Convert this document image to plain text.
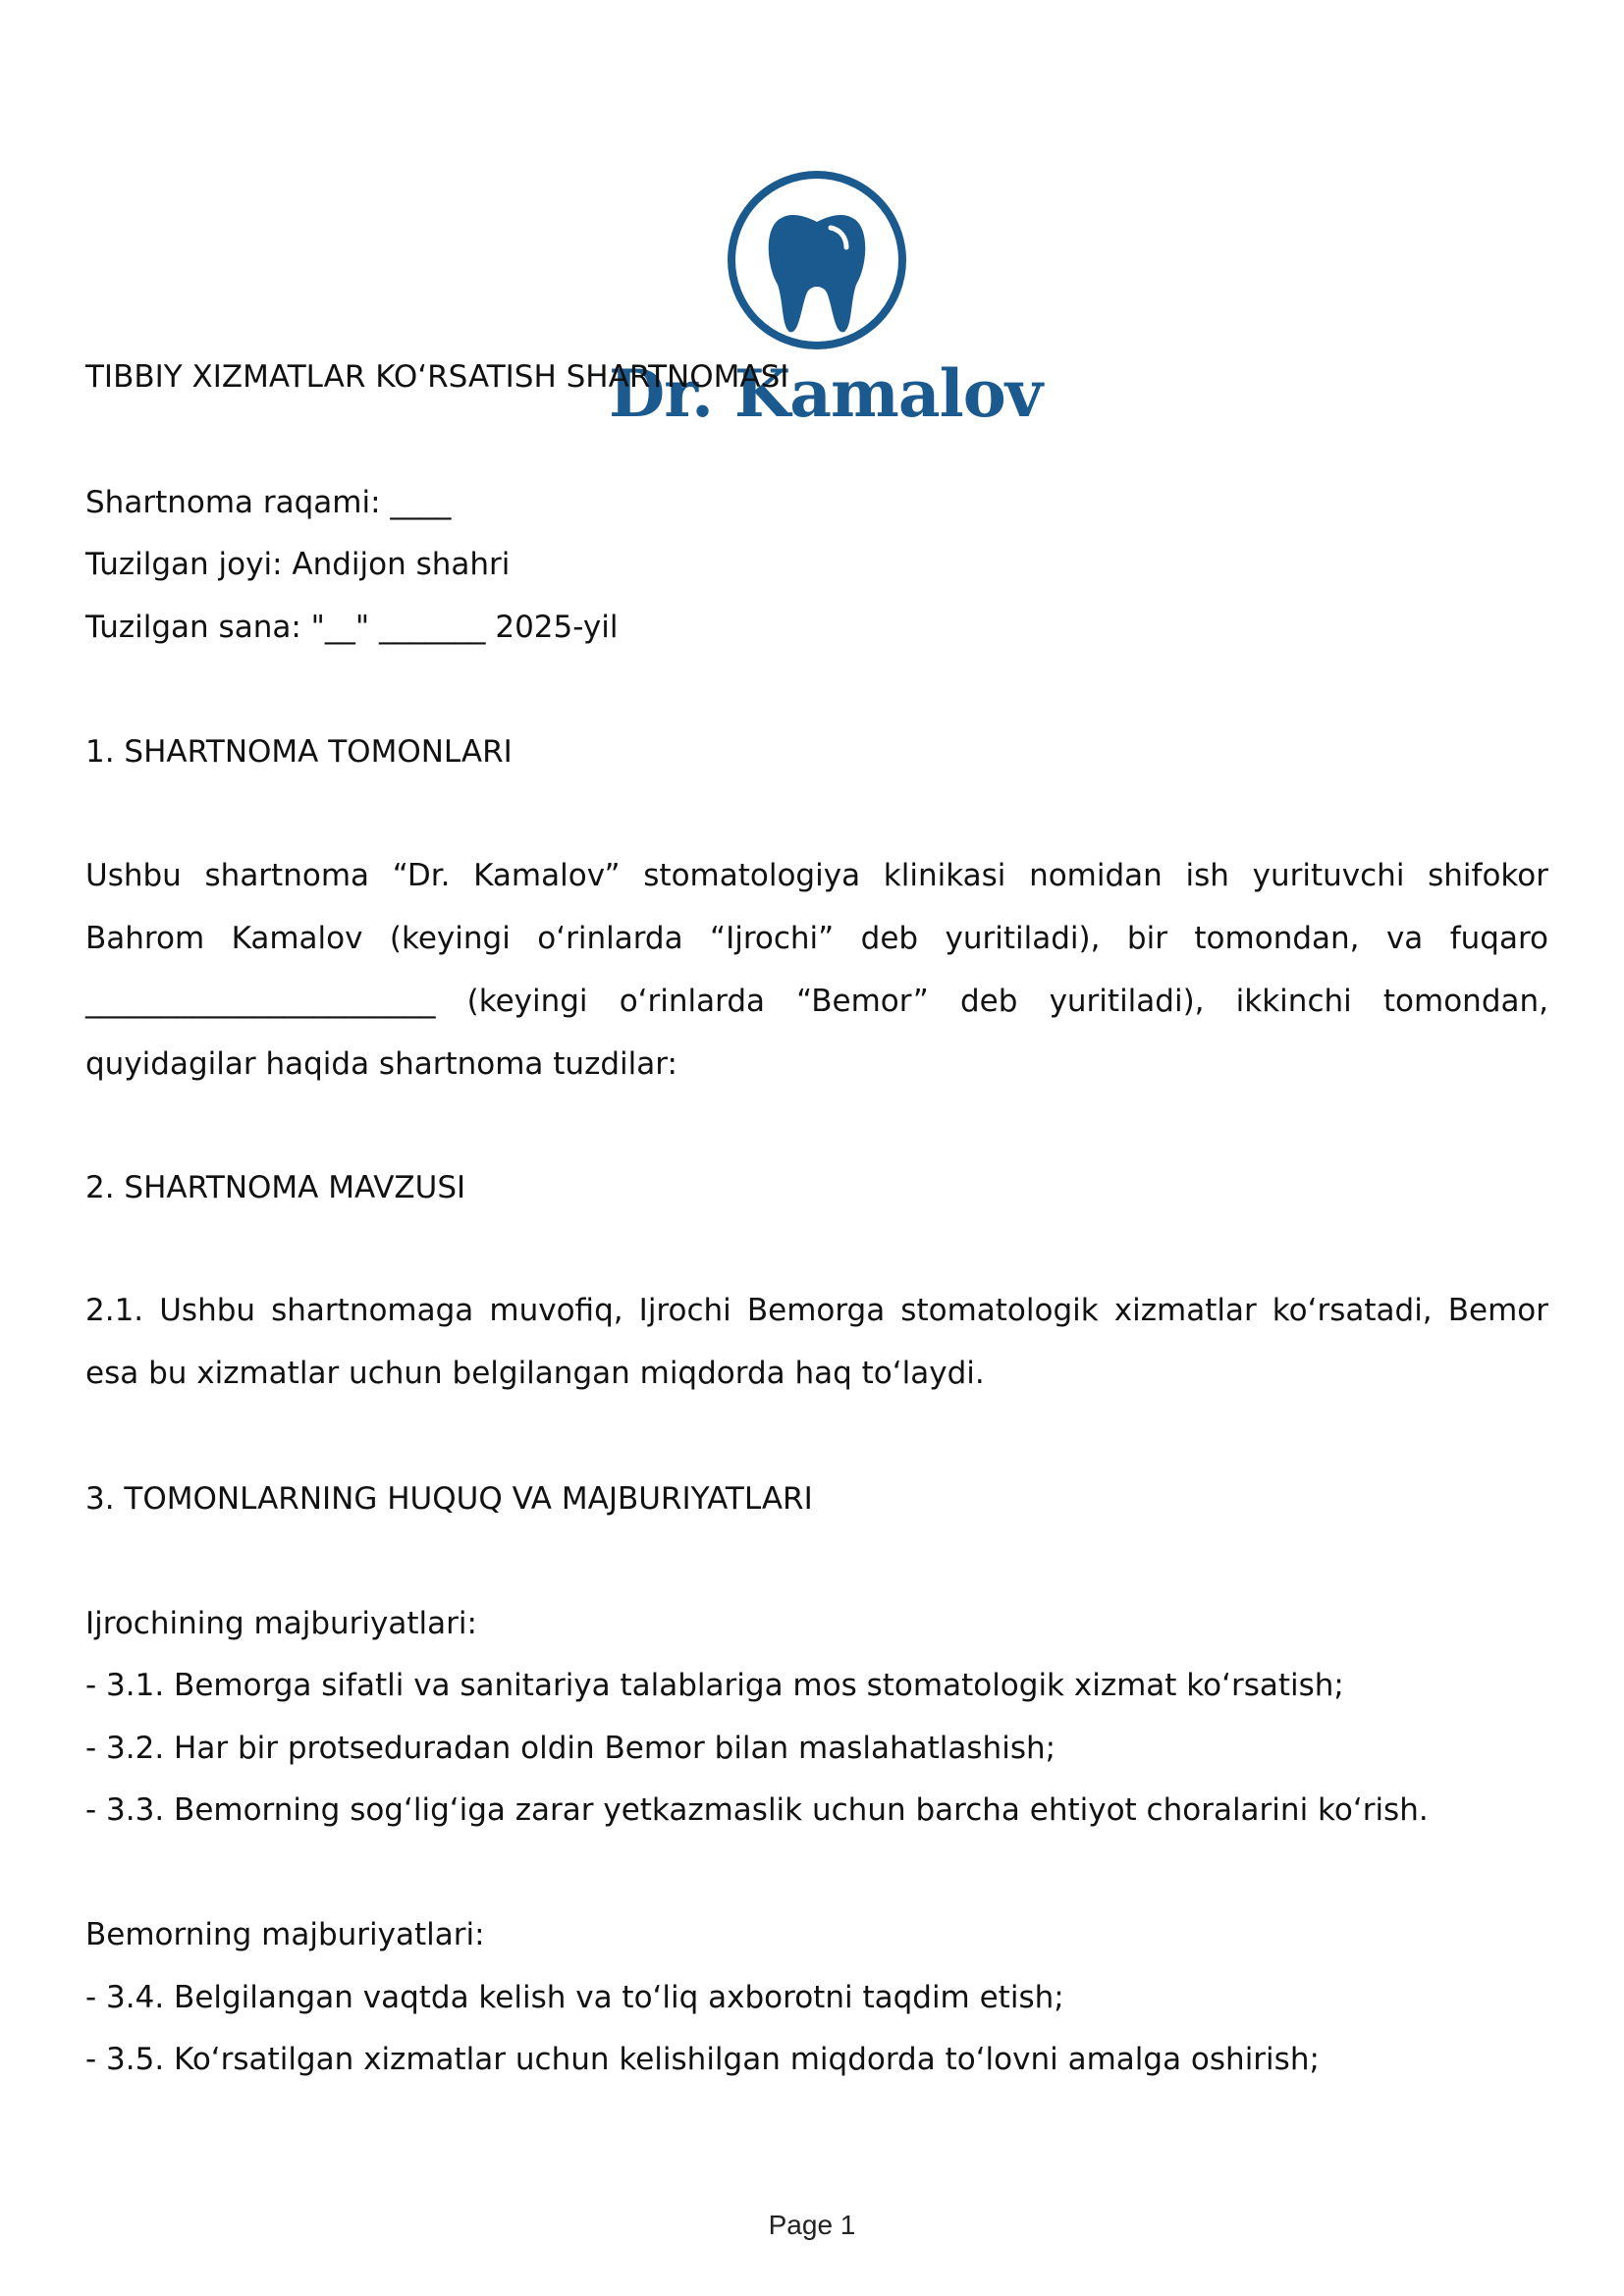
Dr. Kamalov
TIBBIY XIZMATLAR KO‘RSATISH SHARTNOMASI
Shartnoma raqami: ____
Tuzilgan joyi: Andijon shahri
Tuzilgan sana: "__" _______ 2025-yil
1. SHARTNOMA TOMONLARI
Ushbu shartnoma “Dr. Kamalov” stomatologiya klinikasi nomidan ish yurituvchi shifokor Bahrom Kamalov (keyingi o‘rinlarda “Ijrochi” deb yuritiladi), bir tomondan, va fuqaro _______________________ (keyingi o‘rinlarda “Bemor” deb yuritiladi), ikkinchi tomondan, quyidagilar haqida shartnoma tuzdilar:
2. SHARTNOMA MAVZUSI
2.1. Ushbu shartnomaga muvofiq, Ijrochi Bemorga stomatologik xizmatlar ko‘rsatadi, Bemor esa bu xizmatlar uchun belgilangan miqdorda haq to‘laydi.
3. TOMONLARNING HUQUQ VA MAJBURIYATLARI
Ijrochining majburiyatlari:
- 3.1. Bemorga sifatli va sanitariya talablariga mos stomatologik xizmat ko‘rsatish;
- 3.2. Har bir protseduradan oldin Bemor bilan maslahatlashish;
- 3.3. Bemorning sog‘lig‘iga zarar yetkazmaslik uchun barcha ehtiyot choralarini ko‘rish.
Bemorning majburiyatlari:
- 3.4. Belgilangan vaqtda kelish va to‘liq axborotni taqdim etish;
- 3.5. Ko‘rsatilgan xizmatlar uchun kelishilgan miqdorda to‘lovni amalga oshirish;
Page 1
